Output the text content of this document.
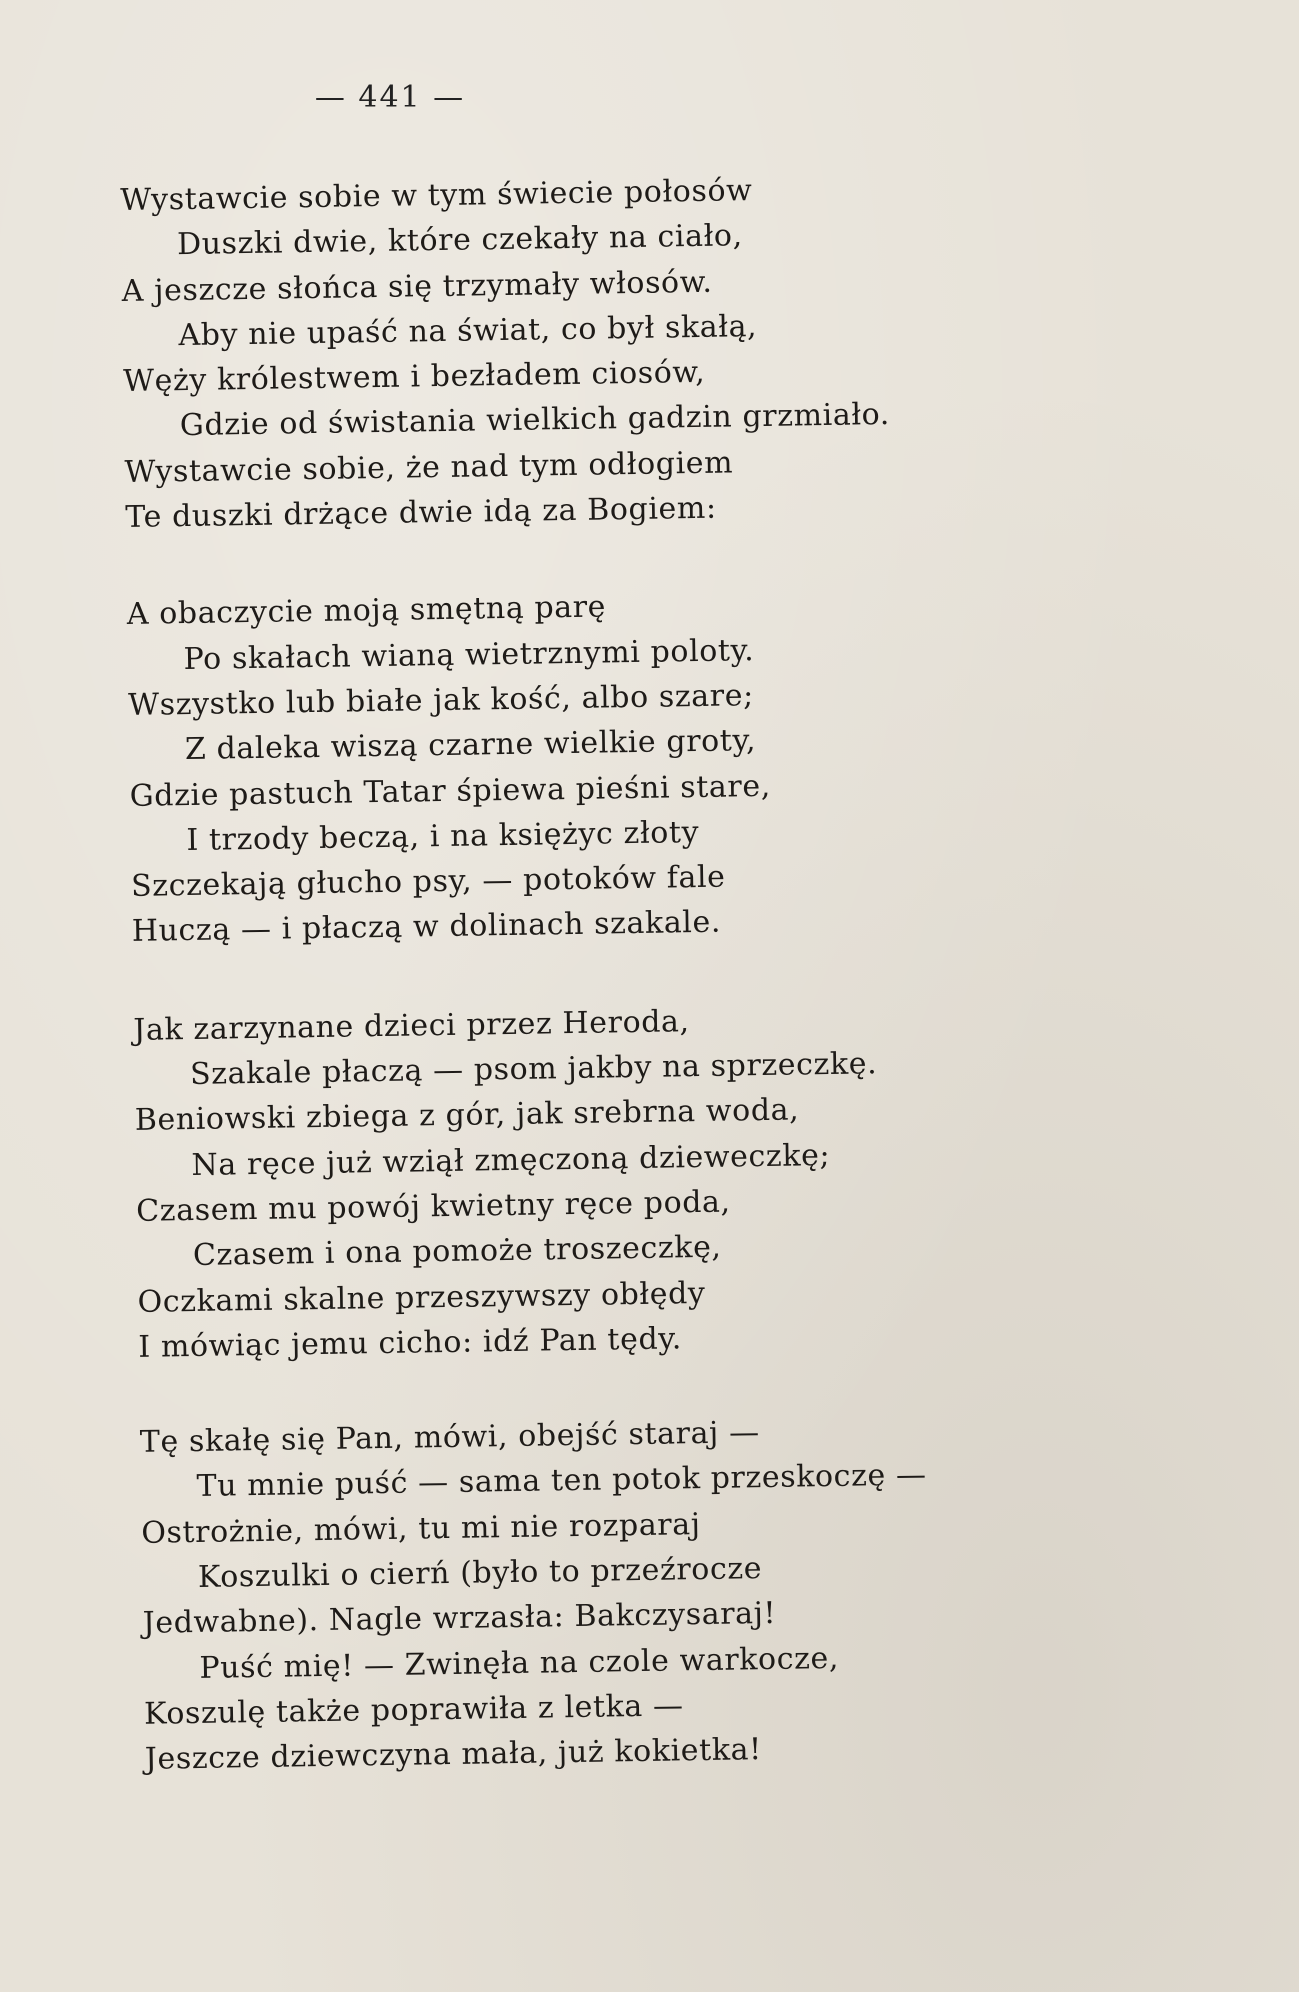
— 441 —
Wystawcie sobie w tym świecie połosów
Duszki dwie, które czekały na ciało,
A jeszcze słońca się trzymały włosów.
Aby nie upaść na świat, co był skałą,
Węży królestwem i bezładem ciosów,
Gdzie od świstania wielkich gadzin grzmiało.
Wystawcie sobie, że nad tym odłogiem
Te duszki drżące dwie idą za Bogiem:
A obaczycie moją smętną parę
Po skałach wianą wietrznymi poloty.
Wszystko lub białe jak kość, albo szare;
Z daleka wiszą czarne wielkie groty,
Gdzie pastuch Tatar śpiewa pieśni stare,
I trzody beczą, i na księżyc złoty
Szczekają głucho psy, — potoków fale
Huczą — i płaczą w dolinach szakale.
Jak zarzynane dzieci przez Heroda,
Szakale płaczą — psom jakby na sprzeczkę.
Beniowski zbiega z gór, jak srebrna woda,
Na ręce już wziął zmęczoną dzieweczkę;
Czasem mu powój kwietny ręce poda,
Czasem i ona pomoże troszeczkę,
Oczkami skalne przeszywszy obłędy
I mówiąc jemu cicho: idź Pan tędy.
Tę skałę się Pan, mówi, obejść staraj —
Tu mnie puść — sama ten potok przeskoczę —
Ostrożnie, mówi, tu mi nie rozparaj
Koszulki o cierń (było to przeźrocze
Jedwabne). Nagle wrzasła: Bakczysaraj!
Puść mię! — Zwinęła na czole warkocze,
Koszulę także poprawiła z letka —
Jeszcze dziewczyna mała, już kokietka!
